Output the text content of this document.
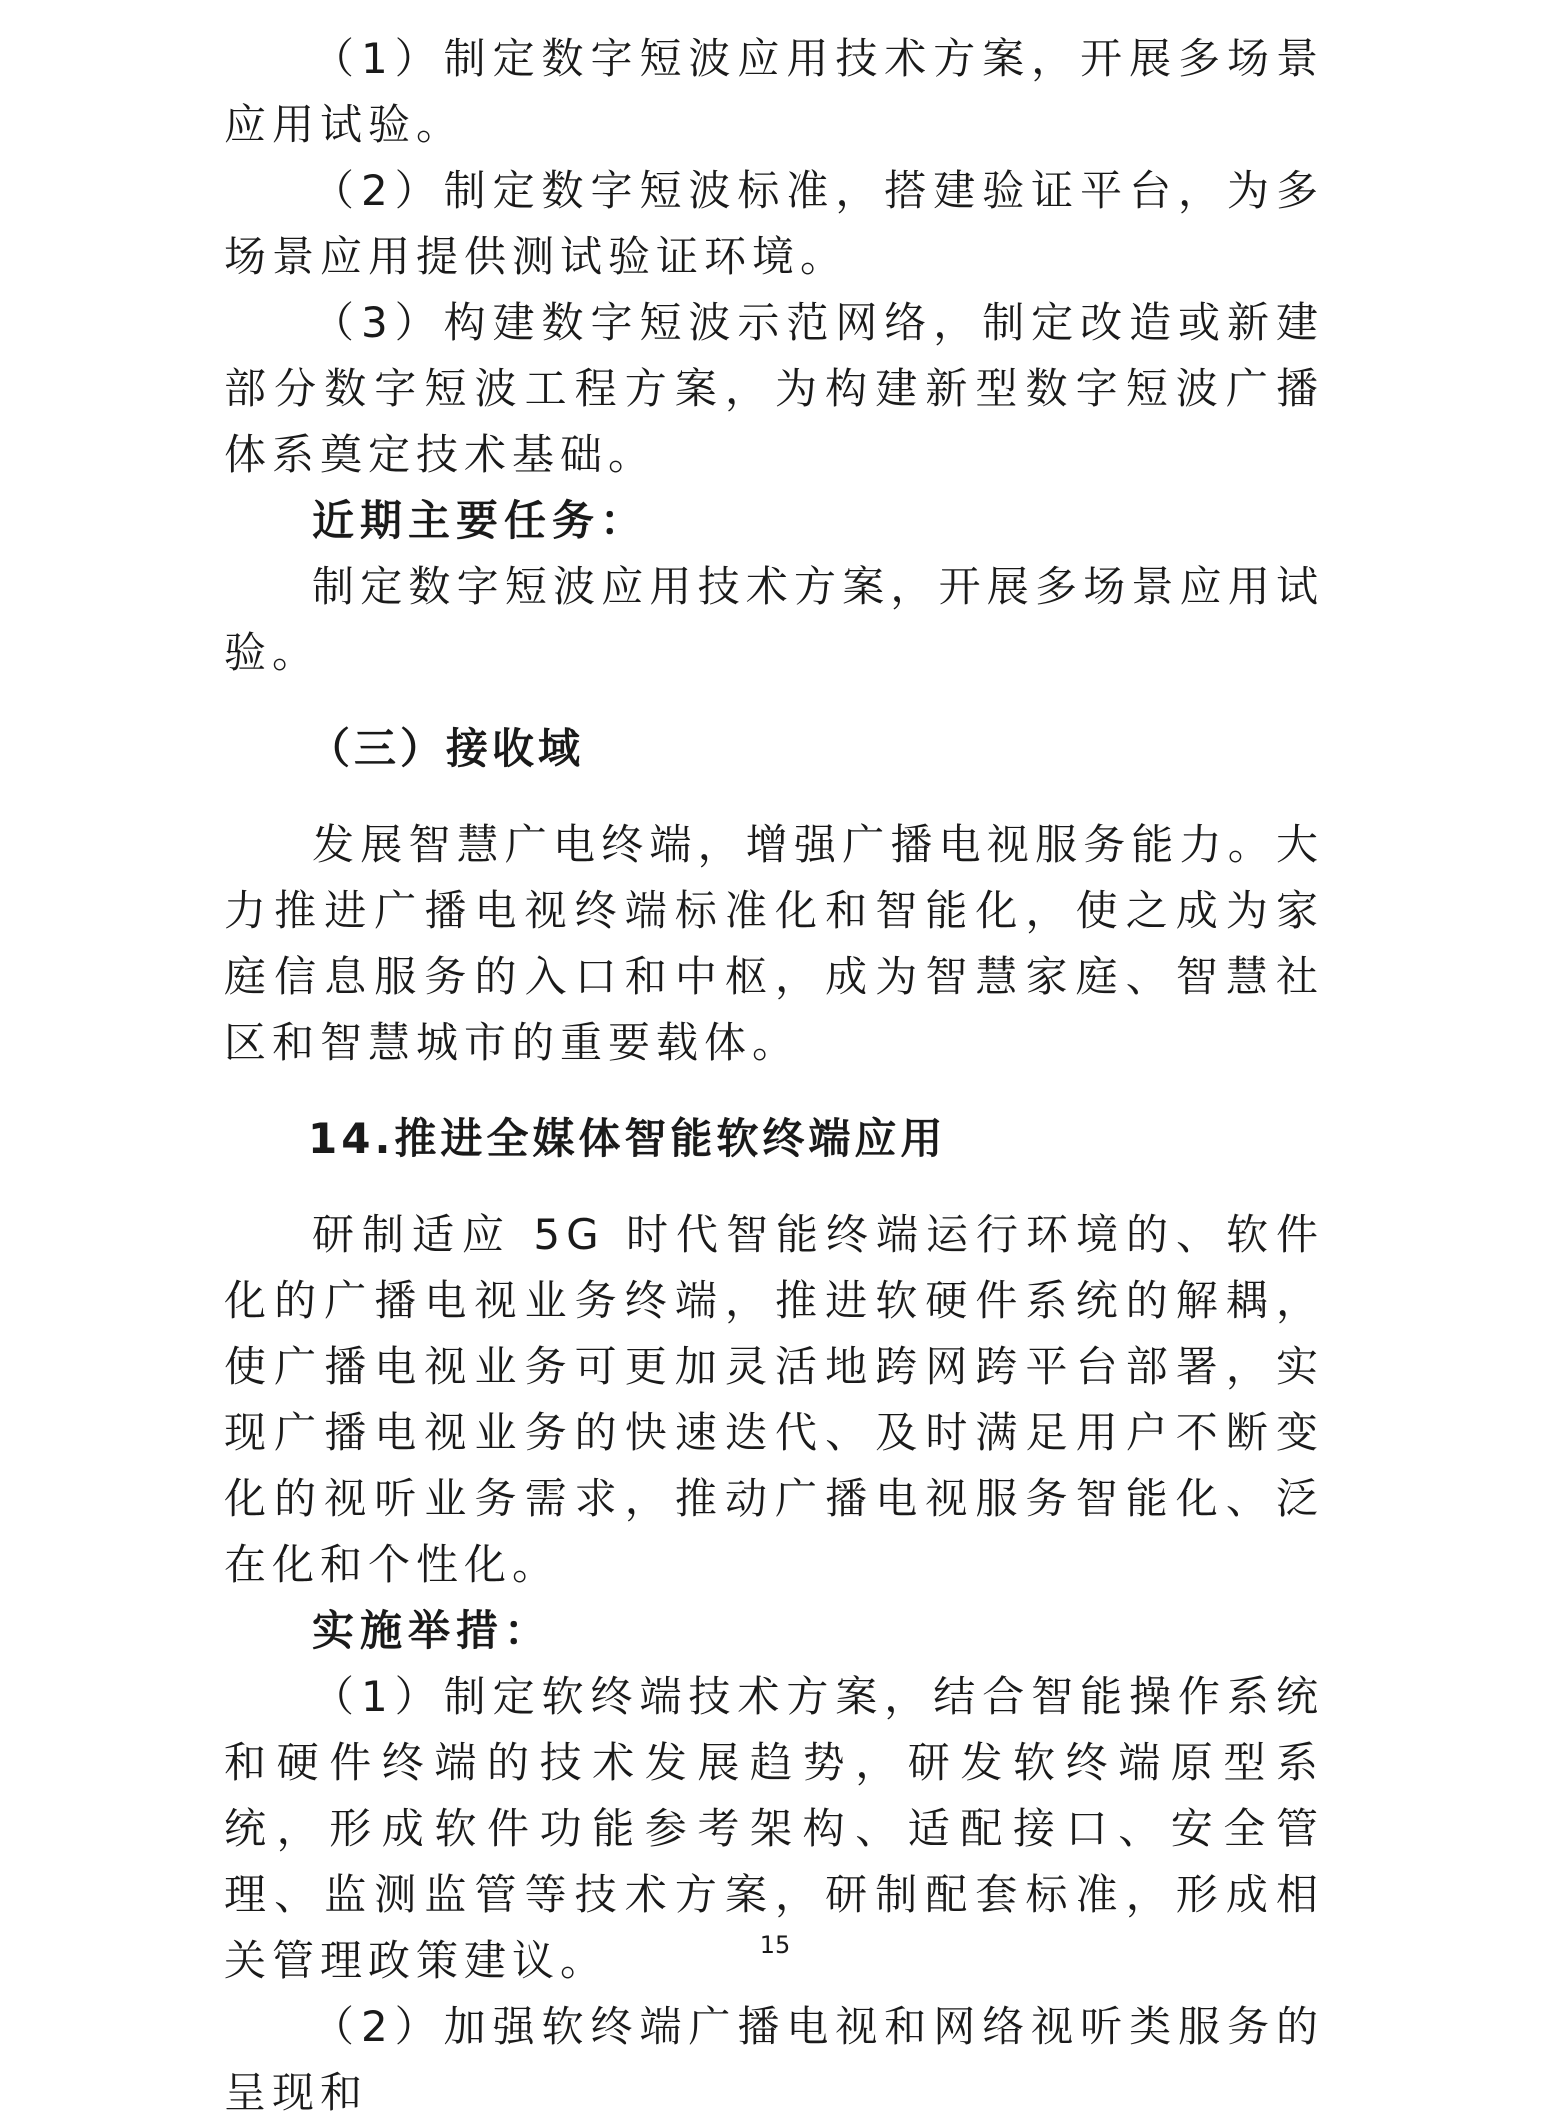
（1）制定数字短波应用技术方案，开展多场景应用试验。

（2）制定数字短波标准，搭建验证平台，为多场景应用提供测试验证环境。

（3）构建数字短波示范网络，制定改造或新建部分数字短波工程方案，为构建新型数字短波广播体系奠定技术基础。

近期主要任务：

制定数字短波应用技术方案，开展多场景应用试验。

（三）接收域

发展智慧广电终端，增强广播电视服务能力。大力推进广播电视终端标准化和智能化，使之成为家庭信息服务的入口和中枢，成为智慧家庭、智慧社区和智慧城市的重要载体。

14.推进全媒体智能软终端应用

研制适应 5G 时代智能终端运行环境的、软件化的广播电视业务终端，推进软硬件系统的解耦，使广播电视业务可更加灵活地跨网跨平台部署，实现广播电视业务的快速迭代、及时满足用户不断变化的视听业务需求，推动广播电视服务智能化、泛在化和个性化。

实施举措：

（1）制定软终端技术方案，结合智能操作系统和硬件终端的技术发展趋势，研发软终端原型系统，形成软件功能参考架构、适配接口、安全管理、监测监管等技术方案，研制配套标准，形成相关管理政策建议。

（2）加强软终端广播电视和网络视听类服务的呈现和

15
